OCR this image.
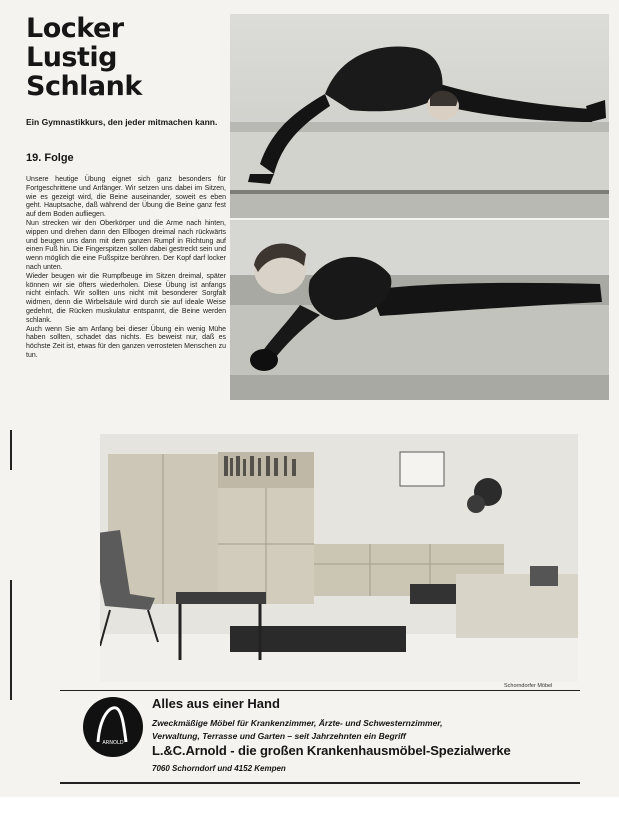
Locker
Lustig
Schlank
Ein Gymnastikkurs, den jeder mitmachen kann.
19. Folge

Unsere heutige Übung eignet sich ganz besonders für Fortgeschrittene und Anfänger. Wir setzen uns dabei im Sitzen, wie es gezeigt wird, die Beine auseinander, soweit es eben geht. Hauptsache, daß während der Übung die Beine ganz fest auf dem Boden aufliegen.

Nun strecken wir den Oberkörper und die Arme nach hinten, wippen und drehen dann den Ellbogen dreimal nach rückwärts und beugen uns dann mit dem ganzen Rumpf in Richtung auf einen Fuß hin. Die Fingerspitzen sollen dabei gestreckt sein und wenn möglich die eine Fußspitze berühren. Der Kopf darf locker nach unten.

Wieder beugen wir die Rumpfbeuge im Sitzen dreimal, später können wir sie öfters wiederholen. Diese Übung ist anfangs nicht einfach. Wir sollten uns nicht mit besonderer Sorgfalt widmen, denn die Wirbelsäule wird durch sie auf ideale Weise gedehnt, die Rücken muskulatur entspannt, die Beine werden schlank.

Auch wenn Sie am Anfang bei dieser Übung ein wenig Mühe haben sollten, schadet das nichts. Es beweist nur, daß es höchste Zeit ist, etwas für den ganzen verrosteten Menschen zu tun.

Schorndorfer Möbel
ARNOLD
Alles aus einer Hand
Zweckmäßige Möbel für Krankenzimmer, Ärzte- und Schwesternzimmer,
Verwaltung, Terrasse und Garten – seit Jahrzehnten ein Begriff
L.&C.Arnold - die großen Krankenhausmöbel-Spezialwerke
7060 Schorndorf und 4152 Kempen
